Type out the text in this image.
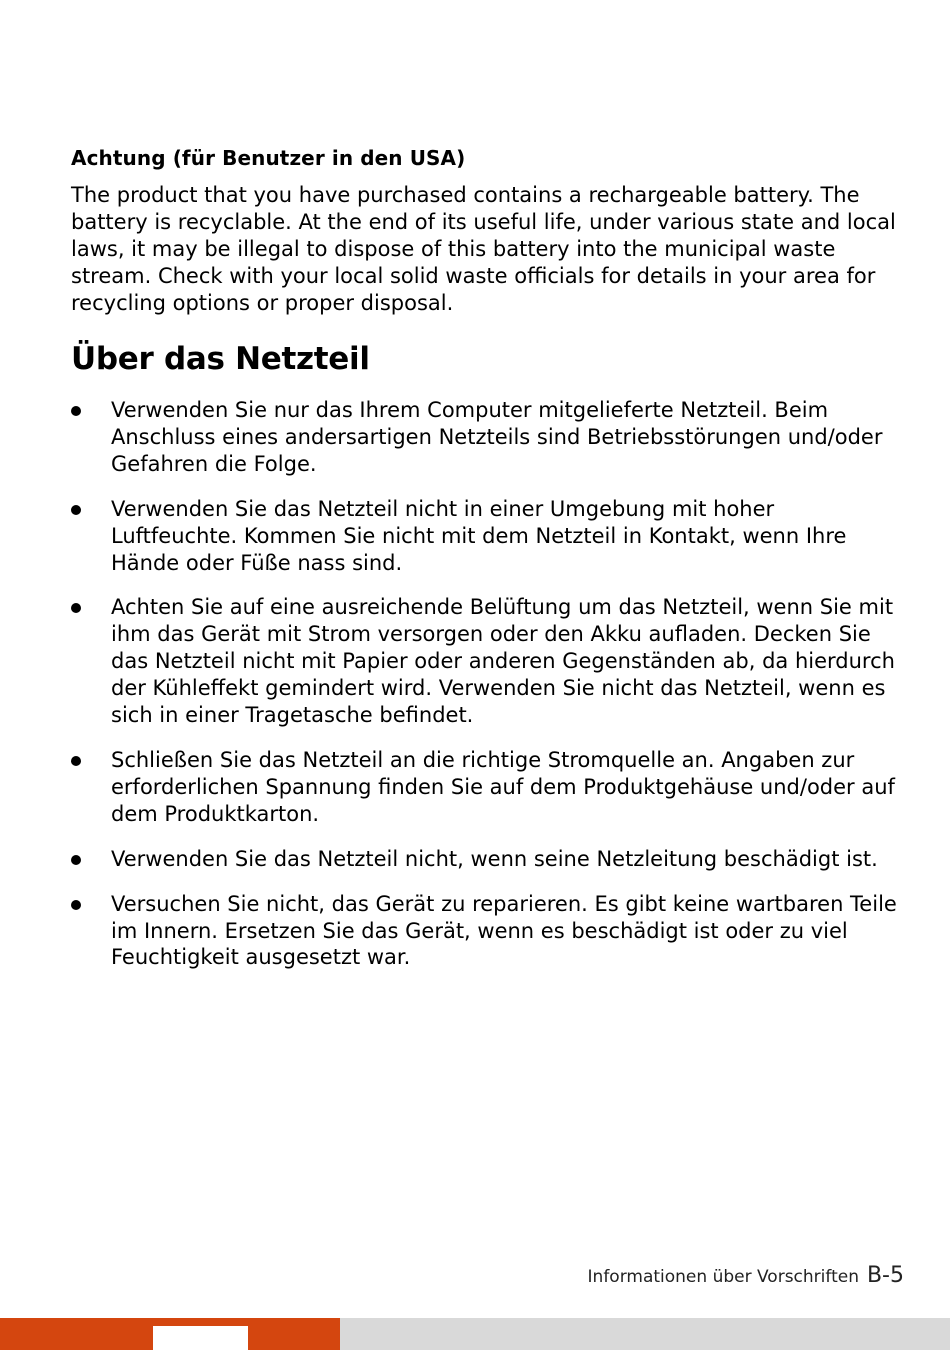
Achtung (für Benutzer in den USA)

The product that you have purchased contains a rechargeable battery. The battery is recyclable. At the end of its useful life, under various state and local laws, it may be illegal to dispose of this battery into the municipal waste stream. Check with your local solid waste officials for details in your area for recycling options or proper disposal.

Über das Netzteil
Verwenden Sie nur das Ihrem Computer mitgelieferte Netzteil. Beim Anschluss eines andersartigen Netzteils sind Betriebsstörungen und/oder Gefahren die Folge.
Verwenden Sie das Netzteil nicht in einer Umgebung mit hoher Luftfeuchte. Kommen Sie nicht mit dem Netzteil in Kontakt, wenn Ihre Hände oder Füße nass sind.
Achten Sie auf eine ausreichende Belüftung um das Netzteil, wenn Sie mit ihm das Gerät mit Strom versorgen oder den Akku aufladen. Decken Sie das Netzteil nicht mit Papier oder anderen Gegenständen ab, da hierdurch der Kühleffekt gemindert wird. Verwenden Sie nicht das Netzteil, wenn es sich in einer Tragetasche befindet.
Schließen Sie das Netzteil an die richtige Stromquelle an. Angaben zur erforderlichen Spannung finden Sie auf dem Produktgehäuse und/oder auf dem Produktkarton.
Verwenden Sie das Netzteil nicht, wenn seine Netzleitung beschädigt ist.
Versuchen Sie nicht, das Gerät zu reparieren. Es gibt keine wartbaren Teile im Innern. Ersetzen Sie das Gerät, wenn es beschädigt ist oder zu viel Feuchtigkeit ausgesetzt war.
Informationen über Vorschriften B-5
